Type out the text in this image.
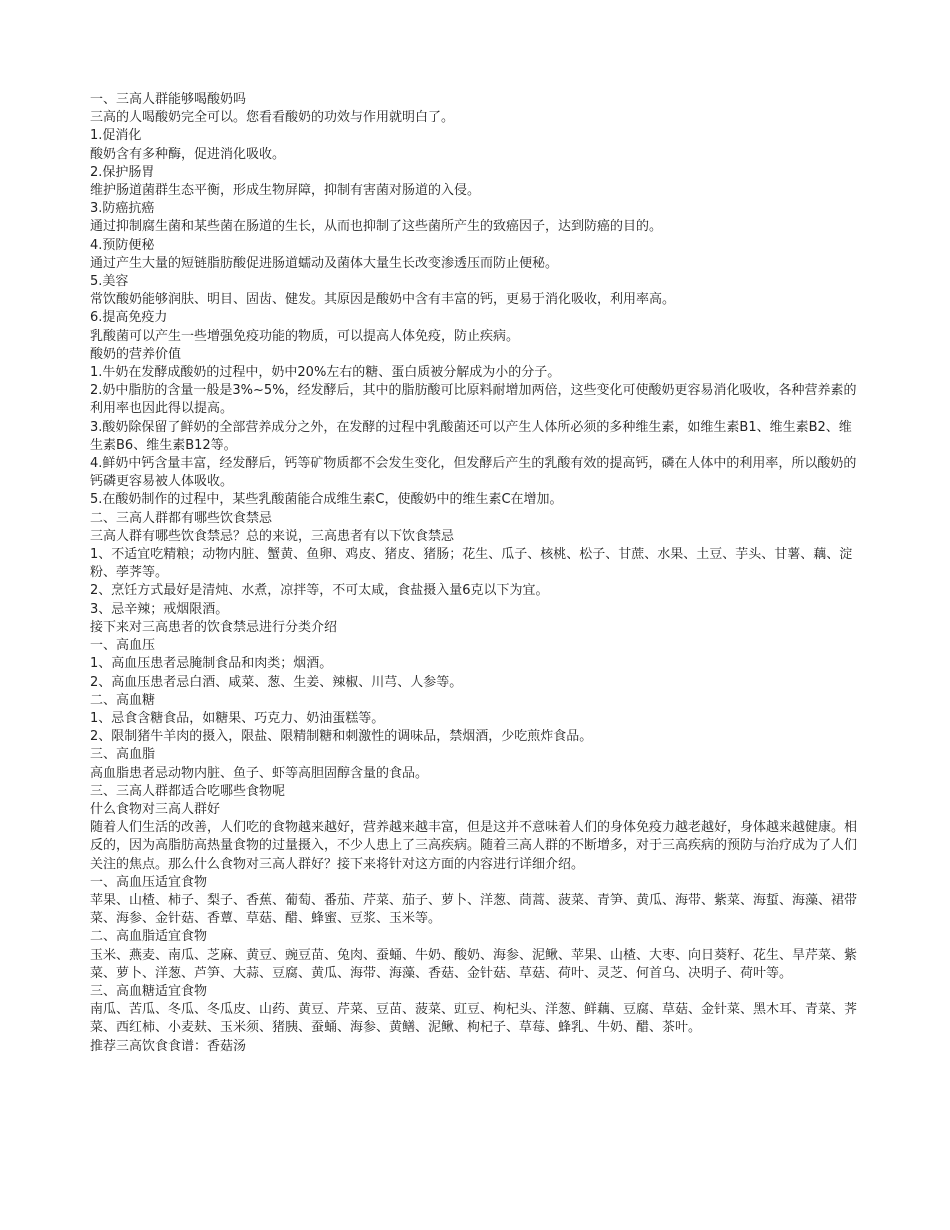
一、三高人群能够喝酸奶吗

三高的人喝酸奶完全可以。您看看酸奶的功效与作用就明白了。

1.促消化

酸奶含有多种酶，促进消化吸收。

2.保护肠胃

维护肠道菌群生态平衡，形成生物屏障，抑制有害菌对肠道的入侵。

3.防癌抗癌

通过抑制腐生菌和某些菌在肠道的生长，从而也抑制了这些菌所产生的致癌因子，达到防癌的目的。

4.预防便秘

通过产生大量的短链脂肪酸促进肠道蠕动及菌体大量生长改变渗透压而防止便秘。

5.美容

常饮酸奶能够润肤、明目、固齿、健发。其原因是酸奶中含有丰富的钙，更易于消化吸收，利用率高。

6.提高免疫力

乳酸菌可以产生一些增强免疫功能的物质，可以提高人体免疫，防止疾病。

酸奶的营养价值

1.牛奶在发酵成酸奶的过程中，奶中20%左右的糖、蛋白质被分解成为小的分子。

2.奶中脂肪的含量一般是3%~5%，经发酵后，其中的脂肪酸可比原料耐增加两倍，这些变化可使酸奶更容易消化吸收，各种营养素的利用率也因此得以提高。

3.酸奶除保留了鲜奶的全部营养成分之外，在发酵的过程中乳酸菌还可以产生人体所必须的多种维生素，如维生素B1、维生素B2、维生素B6、维生素B12等。

4.鲜奶中钙含量丰富，经发酵后，钙等矿物质都不会发生变化，但发酵后产生的乳酸有效的提高钙，磷在人体中的利用率，所以酸奶的钙磷更容易被人体吸收。

5.在酸奶制作的过程中，某些乳酸菌能合成维生素C，使酸奶中的维生素C在增加。

二、三高人群都有哪些饮食禁忌

三高人群有哪些饮食禁忌？总的来说，三高患者有以下饮食禁忌

1、不适宜吃精粮；动物内脏、蟹黄、鱼卵、鸡皮、猪皮、猪肠；花生、瓜子、核桃、松子、甘蔗、水果、土豆、芋头、甘薯、藕、淀粉、荸荠等。

2、烹饪方式最好是清炖、水煮，凉拌等，不可太咸，食盐摄入量6克以下为宜。

3、忌辛辣；戒烟限酒。

接下来对三高患者的饮食禁忌进行分类介绍

一、高血压

1、高血压患者忌腌制食品和肉类；烟酒。

2、高血压患者忌白酒、咸菜、葱、生姜、辣椒、川芎、人参等。

二、高血糖

1、忌食含糖食品，如糖果、巧克力、奶油蛋糕等。

2、限制猪牛羊肉的摄入，限盐、限精制糖和刺激性的调味品，禁烟酒，少吃煎炸食品。

三、高血脂

高血脂患者忌动物内脏、鱼子、虾等高胆固醇含量的食品。

三、三高人群都适合吃哪些食物呢

什么食物对三高人群好

随着人们生活的改善，人们吃的食物越来越好，营养越来越丰富，但是这并不意味着人们的身体免疫力越老越好，身体越来越健康。相反的，因为高脂肪高热量食物的过量摄入，不少人患上了三高疾病。随着三高人群的不断增多，对于三高疾病的预防与治疗成为了人们关注的焦点。那么什么食物对三高人群好？接下来将针对这方面的内容进行详细介绍。

一、高血压适宜食物

苹果、山楂、柿子、梨子、香蕉、葡萄、番茄、芹菜、茄子、萝卜、洋葱、茼蒿、菠菜、青笋、黄瓜、海带、紫菜、海蜇、海藻、裙带菜、海参、金针菇、香蕈、草菇、醋、蜂蜜、豆浆、玉米等。

二、高血脂适宜食物

玉米、燕麦、南瓜、芝麻、黄豆、豌豆苗、兔肉、蚕蛹、牛奶、酸奶、海参、泥鳅、苹果、山楂、大枣、向日葵籽、花生、旱芹菜、紫菜、萝卜、洋葱、芦笋、大蒜、豆腐、黄瓜、海带、海藻、香菇、金针菇、草菇、荷叶、灵芝、何首乌、决明子、荷叶等。

三、高血糖适宜食物

南瓜、苦瓜、冬瓜、冬瓜皮、山药、黄豆、芹菜、豆苗、菠菜、豇豆、枸杞头、洋葱、鲜藕、豆腐、草菇、金针菜、黑木耳、青菜、荠菜、西红柿、小麦麸、玉米须、猪胰、蚕蛹、海参、黄鳝、泥鳅、枸杞子、草莓、蜂乳、牛奶、醋、茶叶。

推荐三高饮食食谱：香菇汤
